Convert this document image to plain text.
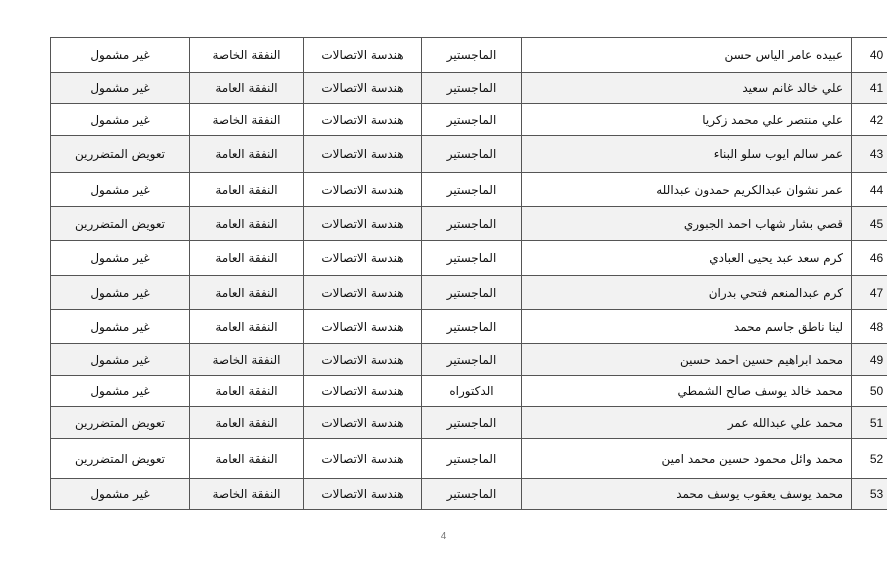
40	عبيده عامر الياس حسن	الماجستير	هندسة الاتصالات	النفقة الخاصة	غير مشمول
41	علي خالد غانم سعيد	الماجستير	هندسة الاتصالات	النفقة العامة	غير مشمول
42	علي منتصر علي محمد زكريا	الماجستير	هندسة الاتصالات	النفقة الخاصة	غير مشمول
43	عمر سالم ايوب سلو البناء	الماجستير	هندسة الاتصالات	النفقة العامة	تعويض المتضررين
44	عمر نشوان عبدالكريم حمدون عبدالله	الماجستير	هندسة الاتصالات	النفقة العامة	غير مشمول
45	قصي بشار شهاب احمد الجبوري	الماجستير	هندسة الاتصالات	النفقة العامة	تعويض المتضررين
46	كرم سعد عبد يحيى العبادي	الماجستير	هندسة الاتصالات	النفقة العامة	غير مشمول
47	كرم عبدالمنعم فتحي بدران	الماجستير	هندسة الاتصالات	النفقة العامة	غير مشمول
48	لينا ناطق جاسم محمد	الماجستير	هندسة الاتصالات	النفقة العامة	غير مشمول
49	محمد ابراهيم حسين احمد حسين	الماجستير	هندسة الاتصالات	النفقة الخاصة	غير مشمول
50	محمد خالد يوسف صالح الشمطي	الدكتوراه	هندسة الاتصالات	النفقة العامة	غير مشمول
51	محمد علي عبدالله عمر	الماجستير	هندسة الاتصالات	النفقة العامة	تعويض المتضررين
52	محمد وائل محمود حسين محمد امين	الماجستير	هندسة الاتصالات	النفقة العامة	تعويض المتضررين
53	محمد يوسف يعقوب يوسف محمد	الماجستير	هندسة الاتصالات	النفقة الخاصة	غير مشمول
4
